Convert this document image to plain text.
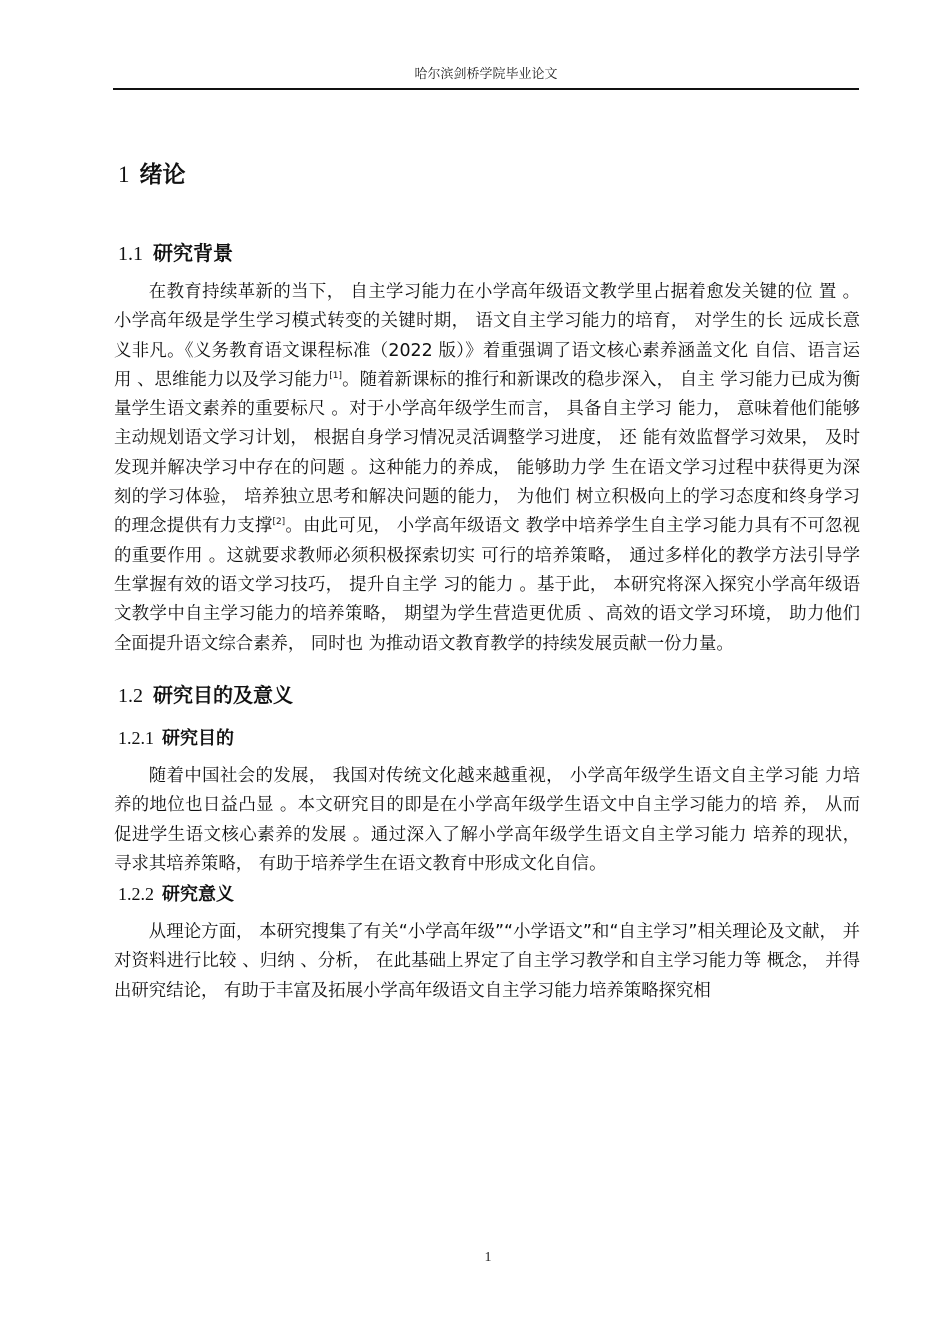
哈尔滨剑桥学院毕业论文
1 绪论
1.1 研究背景

在教育持续革新的当下， 自主学习能力在小学高年级语文教学里占据着愈发关键的位 置 。小学高年级是学生学习模式转变的关键时期， 语文自主学习能力的培育， 对学生的长 远成长意义非凡。《义务教育语文课程标准（2022 版）》着重强调了语文核心素养涵盖文化 自信、语言运用 、思维能力以及学习能力[1]。随着新课标的推行和新课改的稳步深入， 自主 学习能力已成为衡量学生语文素养的重要标尺 。对于小学高年级学生而言， 具备自主学习 能力， 意味着他们能够主动规划语文学习计划， 根据自身学习情况灵活调整学习进度， 还 能有效监督学习效果， 及时发现并解决学习中存在的问题 。这种能力的养成， 能够助力学 生在语文学习过程中获得更为深刻的学习体验， 培养独立思考和解决问题的能力， 为他们 树立积极向上的学习态度和终身学习的理念提供有力支撑[2]。由此可见， 小学高年级语文 教学中培养学生自主学习能力具有不可忽视的重要作用 。这就要求教师必须积极探索切实 可行的培养策略， 通过多样化的教学方法引导学生掌握有效的语文学习技巧， 提升自主学 习的能力 。基于此， 本研究将深入探究小学高年级语文教学中自主学习能力的培养策略， 期望为学生营造更优质 、高效的语文学习环境， 助力他们全面提升语文综合素养， 同时也 为推动语文教育教学的持续发展贡献一份力量。

1.2 研究目的及意义
1.2.1 研究目的

随着中国社会的发展， 我国对传统文化越来越重视， 小学高年级学生语文自主学习能 力培养的地位也日益凸显 。本文研究目的即是在小学高年级学生语文中自主学习能力的培 养， 从而促进学生语文核心素养的发展 。通过深入了解小学高年级学生语文自主学习能力 培养的现状， 寻求其培养策略， 有助于培养学生在语文教育中形成文化自信。

1.2.2 研究意义

从理论方面， 本研究搜集了有关“小学高年级”“小学语文”和“自主学习”相关理论及文献， 并对资料进行比较 、归纳 、分析， 在此基础上界定了自主学习教学和自主学习能力等 概念， 并得出研究结论， 有助于丰富及拓展小学高年级语文自主学习能力培养策略探究相

1
